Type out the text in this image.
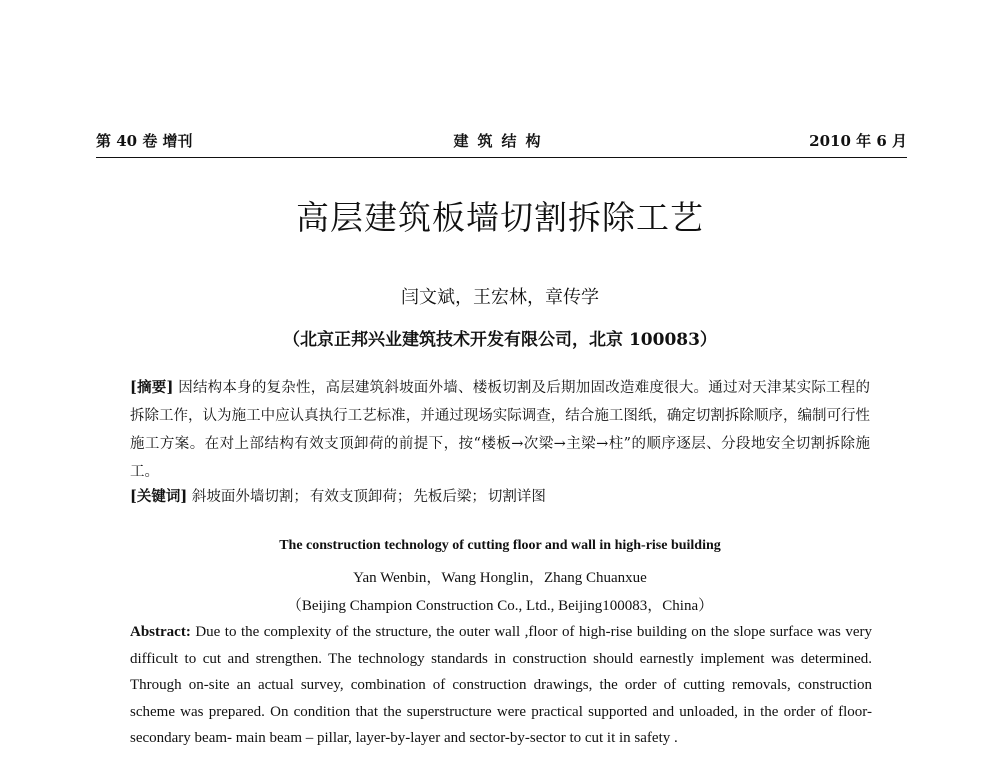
第 40 卷 增刊	建筑结构	2010 年 6 月
高层建筑板墙切割拆除工艺
闫文斌，王宏林，章传学
（北京正邦兴业建筑技术开发有限公司，北京 100083）
[摘要] 因结构本身的复杂性，高层建筑斜坡面外墙、楼板切割及后期加固改造难度很大。通过对天津某实际工程的拆除工作，认为施工中应认真执行工艺标准，并通过现场实际调查，结合施工图纸，确定切割拆除顺序，编制可行性施工方案。在对上部结构有效支顶卸荷的前提下，按“楼板→次梁→主梁→柱”的顺序逐层、分段地安全切割拆除施工。
[关键词] 斜坡面外墙切割； 有效支顶卸荷； 先板后梁； 切割详图
The construction technology of cutting floor and wall in high-rise building
Yan Wenbin，Wang Honglin，Zhang Chuanxue
（Beijing Champion Construction Co., Ltd., Beijing100083，China）
Abstract: Due to the complexity of the structure, the outer wall ,floor of high-rise building on the slope surface was very difficult to cut and strengthen. The technology standards in construction should earnestly implement was determined. Through on-site an actual survey, combination of construction drawings, the order of cutting removals, construction scheme was prepared. On condition that the superstructure were practical supported and unloaded, in the order of floor-secondary beam- main beam – pillar, layer-by-layer and sector-by-sector to cut it in safety .
